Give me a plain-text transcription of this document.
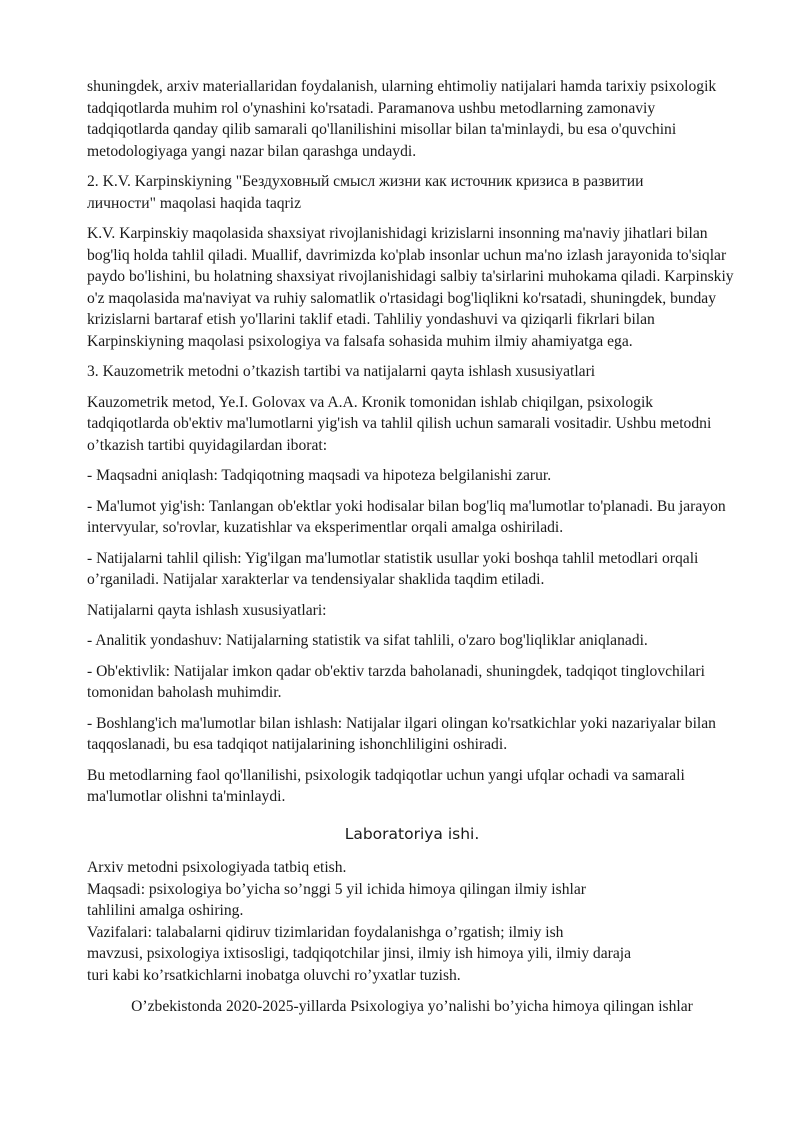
shuningdek, arxiv materiallaridan foydalanish, ularning ehtimoliy natijalari hamda tarixiy psixologik tadqiqotlarda muhim rol o'ynashini ko'rsatadi. Paramanova ushbu metodlarning zamonaviy tadqiqotlarda qanday qilib samarali qo'llanilishini misollar bilan ta'minlaydi, bu esa o'quvchini metodologiyaga yangi nazar bilan qarashga undaydi.

2. K.V. Karpinskiyning "Бездуховный смысл жизни как источник кризиса в развитии
личности" maqolasi haqida taqriz

K.V. Karpinskiy maqolasida shaxsiyat rivojlanishidagi krizislarni insonning ma'naviy jihatlari bilan bog'liq holda tahlil qiladi. Muallif, davrimizda ko'plab insonlar uchun ma'no izlash jarayonida to'siqlar paydo bo'lishini, bu holatning shaxsiyat rivojlanishidagi salbiy ta'sirlarini muhokama qiladi. Karpinskiy o'z maqolasida ma'naviyat va ruhiy salomatlik o'rtasidagi bog'liqlikni ko'rsatadi, shuningdek, bunday krizislarni bartaraf etish yo'llarini taklif etadi. Tahliliy yondashuvi va qiziqarli fikrlari bilan Karpinskiyning maqolasi psixologiya va falsafa sohasida muhim ilmiy ahamiyatga ega.

3. Kauzometrik metodni o’tkazish tartibi va natijalarni qayta ishlash xususiyatlari

Kauzometrik metod, Ye.I. Golovax va A.A. Kronik tomonidan ishlab chiqilgan, psixologik tadqiqotlarda ob'ektiv ma'lumotlarni yig'ish va tahlil qilish uchun samarali vositadir. Ushbu metodni o’tkazish tartibi quyidagilardan iborat:

- Maqsadni aniqlash: Tadqiqotning maqsadi va hipoteza belgilanishi zarur.

- Ma'lumot yig'ish: Tanlangan ob'ektlar yoki hodisalar bilan bog'liq ma'lumotlar to'planadi. Bu jarayon intervyular, so'rovlar, kuzatishlar va eksperimentlar orqali amalga oshiriladi.

- Natijalarni tahlil qilish: Yig'ilgan ma'lumotlar statistik usullar yoki boshqa tahlil metodlari orqali o’rganiladi. Natijalar xarakterlar va tendensiyalar shaklida taqdim etiladi.

Natijalarni qayta ishlash xususiyatlari:

- Analitik yondashuv: Natijalarning statistik va sifat tahlili, o'zaro bog'liqliklar aniqlanadi.

- Ob'ektivlik: Natijalar imkon qadar ob'ektiv tarzda baholanadi, shuningdek, tadqiqot tinglovchilari tomonidan baholash muhimdir.

- Boshlang'ich ma'lumotlar bilan ishlash: Natijalar ilgari olingan ko'rsatkichlar yoki nazariyalar bilan taqqoslanadi, bu esa tadqiqot natijalarining ishonchliligini oshiradi.

Bu metodlarning faol qo'llanilishi, psixologik tadqiqotlar uchun yangi ufqlar ochadi va samarali ma'lumotlar olishni ta'minlaydi.

Laboratoriya ishi.
Arxiv metodni psixologiyada tatbiq etish.
Maqsadi: psixologiya bo’yicha so’nggi 5 yil ichida himoya qilingan ilmiy ishlar
tahlilini amalga oshiring.
Vazifalari: talabalarni qidiruv tizimlaridan foydalanishga o’rgatish; ilmiy ish
mavzusi, psixologiya ixtisosligi, tadqiqotchilar jinsi, ilmiy ish himoya yili, ilmiy daraja
turi kabi ko’rsatkichlarni inobatga oluvchi ro’yxatlar tuzish.

O’zbekistonda 2020-2025-yillarda Psixologiya yo’nalishi bo’yicha himoya qilingan ishlar
